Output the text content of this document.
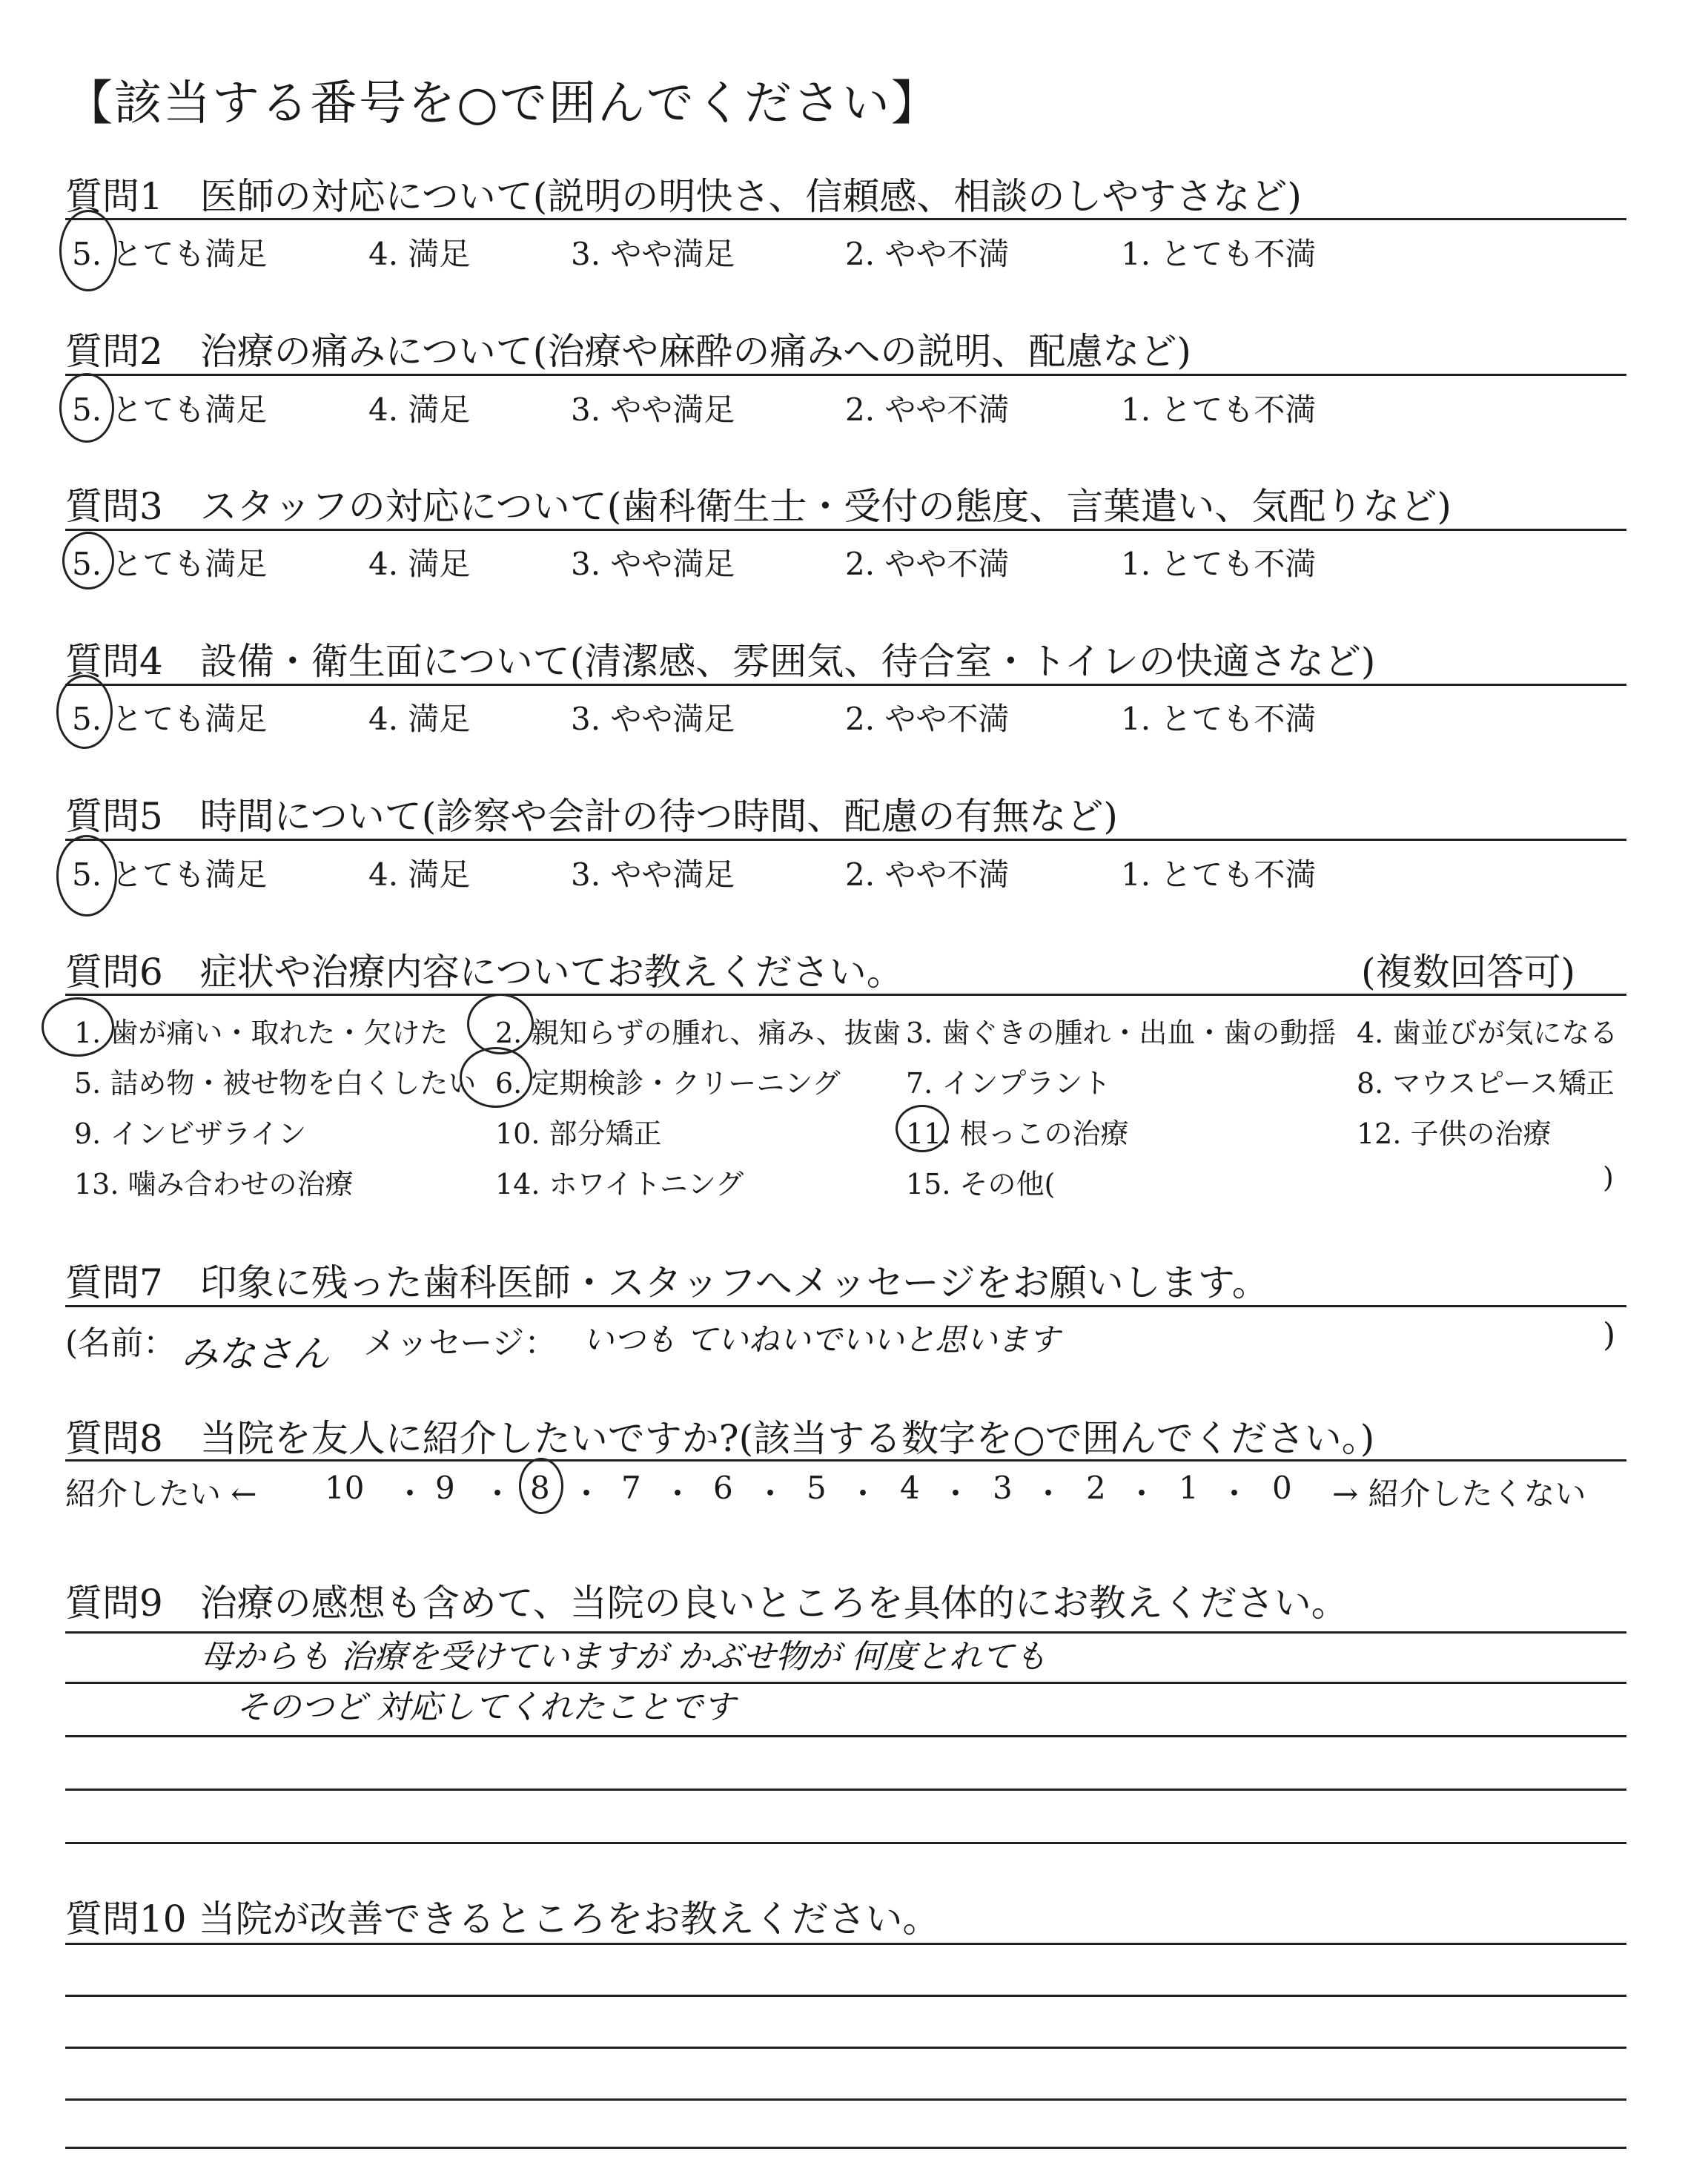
【該当する番号を○で囲んでください】
質問1　医師の対応について(説明の明快さ、信頼感、相談のしやすさなど)
5. とても満足	4. 満足	3. やや満足	2. やや不満	1. とても不満
質問2　治療の痛みについて(治療や麻酔の痛みへの説明、配慮など)
5. とても満足	4. 満足	3. やや満足	2. やや不満	1. とても不満
質問3　スタッフの対応について(歯科衛生士・受付の態度、言葉遣い、気配りなど)
5. とても満足	4. 満足	3. やや満足	2. やや不満	1. とても不満
質問4　設備・衛生面について(清潔感、雰囲気、待合室・トイレの快適さなど)
5. とても満足	4. 満足	3. やや満足	2. やや不満	1. とても不満
質問5　時間について(診察や会計の待つ時間、配慮の有無など)
5. とても満足	4. 満足	3. やや満足	2. やや不満	1. とても不満
質問6　症状や治療内容についてお教えください。	(複数回答可)
1. 歯が痛い・取れた・欠けた 2. 親知らずの腫れ、痛み、抜歯 3. 歯ぐきの腫れ・出血・歯の動揺 4. 歯並びが気になる
5. 詰め物・被せ物を白くしたい 6. 定期検診・クリーニング 7. インプラント	8. マウスピース矯正
9. インビザライン	10. 部分矯正	11. 根っこの治療	12. 子供の治療
13. 噛み合わせの治療	14. ホワイトニング	15. その他(	)
質問7　印象に残った歯科医師・スタッフへメッセージをお願いします。
(名前： みなさん メッセージ： いつも ていねいでいいと思います	)
質問8　当院を友人に紹介したいですか?(該当する数字を○で囲んでください。)
紹介したい ← 10 ・ 9 ・ 8 ・ 7 ・ 6 ・ 5 ・ 4 ・ 3 ・ 2 ・ 1 ・ 0 → 紹介したくない
質問9　治療の感想も含めて、当院の良いところを具体的にお教えください。
母からも 治療を受けていますが かぶせ物が 何度とれても
そのつど 対応してくれたことです
質問10 当院が改善できるところをお教えください。
